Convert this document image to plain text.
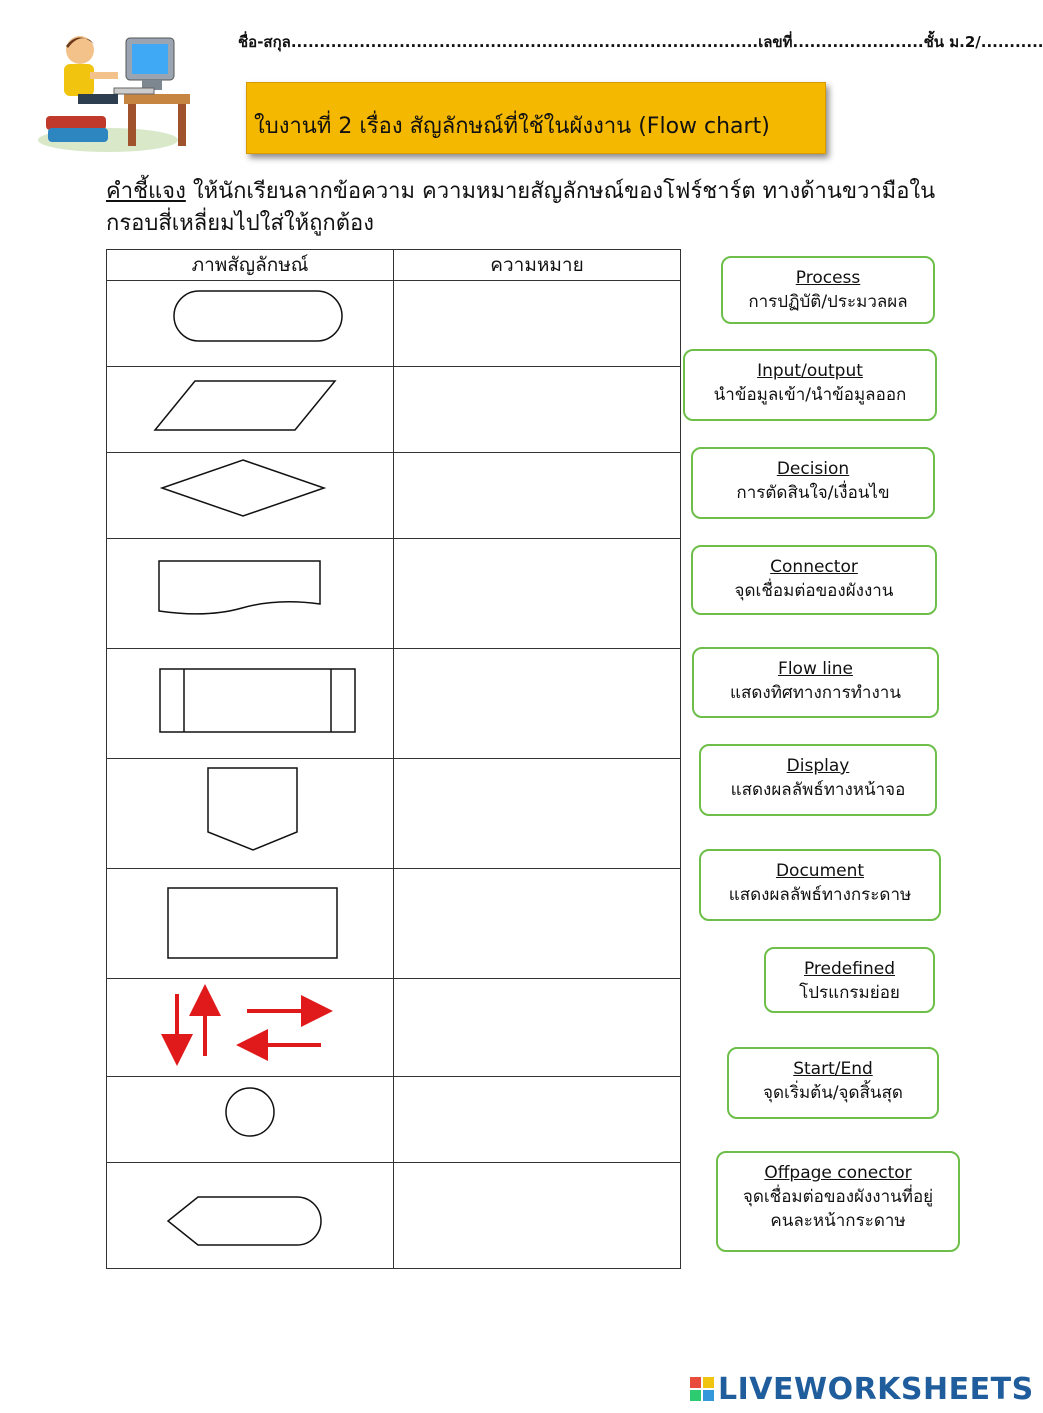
ชื่อ-สกุล..................................................................................เลขที่.......................ชั้น ม.2/...........
ใบงานที่ 2 เรื่อง สัญลักษณ์ที่ใช้ในผังงาน (Flow chart)
คำชี้แจง ให้นักเรียนลากข้อความ ความหมายสัญลักษณ์ของโฟร์ชาร์ต ทางด้านขวามือในกรอบสี่เหลี่ยมไปใส่ให้ถูกต้อง
ภาพสัญลักษณ์	ความหมาย

Process
การปฏิบัติ/ประมวลผล
Input/output
นำข้อมูลเข้า/นำข้อมูลออก
Decision
การตัดสินใจ/เงื่อนไข
Connector
จุดเชื่อมต่อของผังงาน
Flow line
แสดงทิศทางการทำงาน
Display
แสดงผลลัพธ์ทางหน้าจอ
Document
แสดงผลลัพธ์ทางกระดาษ
Predefined
โปรแกรมย่อย
Start/End
จุดเริ่มต้น/จุดสิ้นสุด
Offpage conector
จุดเชื่อมต่อของผังงานที่อยู่คนละหน้ากระดาษ
LIVEWORKSHEETS
